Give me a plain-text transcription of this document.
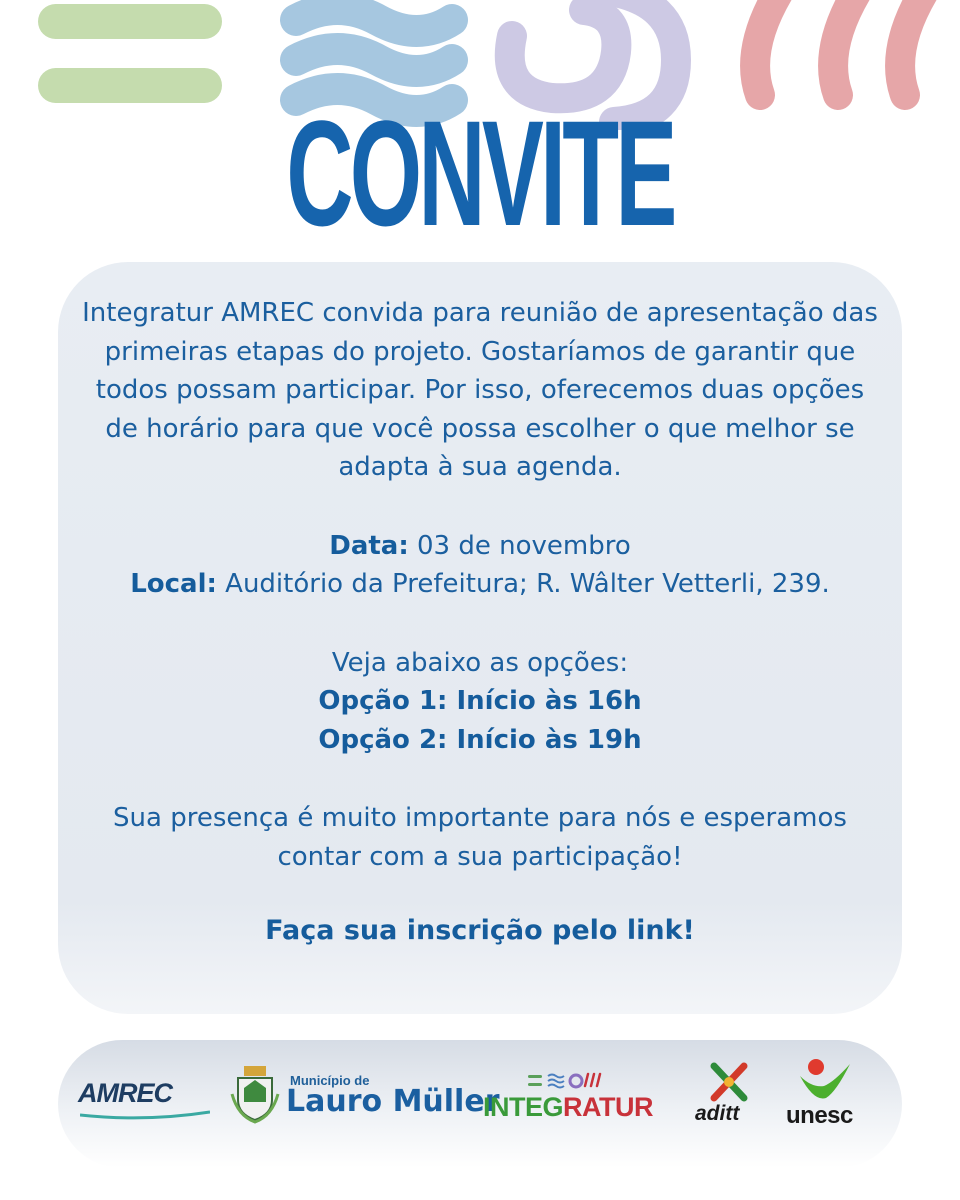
CONVITE

Integratur AMREC convida para reunião de apresentação das primeiras etapas do projeto. Gostaríamos de garantir que todos possam participar. Por isso, oferecemos duas opções de horário para que você possa escolher o que melhor se adapta à sua agenda.

Data: 03 de novembro

Local: Auditório da Prefeitura; R. Wâlter Vetterli, 239.

Veja abaixo as opções:

Opção 1: Início às 16h

Opção 2: Início às 19h

Sua presença é muito importante para nós e esperamos contar com a sua participação!

Faça sua inscrição pelo link!

AMREC	Município de
Lauro Müller
INTEGRATUR aditt unesc
